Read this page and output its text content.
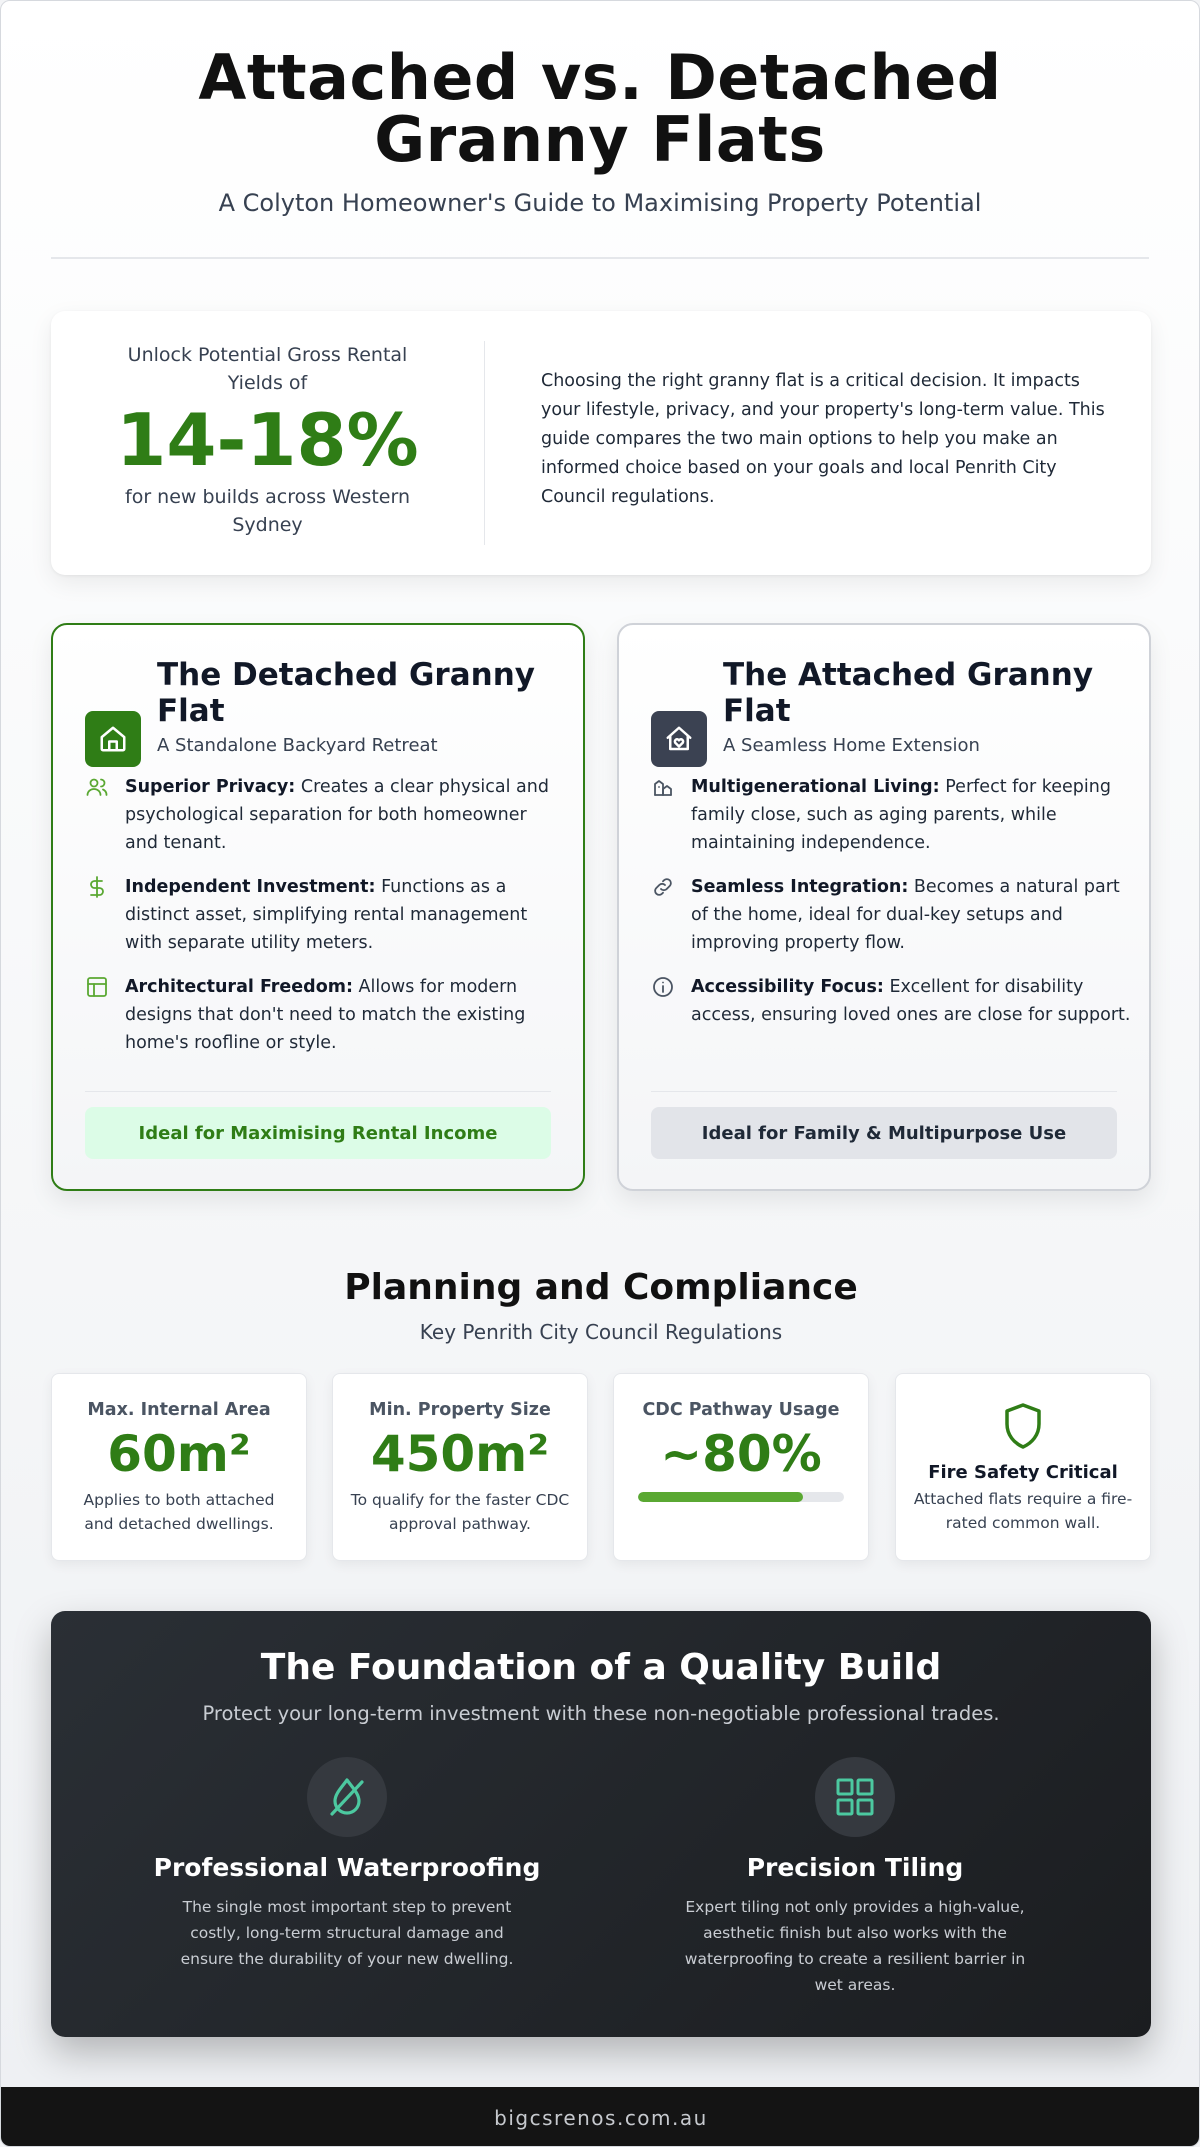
Attached vs. Detached Granny Flats

A Colyton Homeowner's Guide to Maximising Property Potential

Unlock Potential Gross Rental Yields of

14-18%

for new builds across Western Sydney

Choosing the right granny flat is a critical decision. It impacts your lifestyle, privacy, and your property's long-term value. This guide compares the two main options to help you make an informed choice based on your goals and local Penrith City Council regulations.

The Detached Granny Flat

A Standalone Backyard Retreat

Superior Privacy: Creates a clear physical and psychological separation for both homeowner and tenant.

Independent Investment: Functions as a distinct asset, simplifying rental management with separate utility meters.

Architectural Freedom: Allows for modern designs that don't need to match the existing home's roofline or style.

Ideal for Maximising Rental Income
The Attached Granny Flat

A Seamless Home Extension

Multigenerational Living: Perfect for keeping family close, such as aging parents, while maintaining independence.

Seamless Integration: Becomes a natural part of the home, ideal for dual-key setups and improving property flow.

Accessibility Focus: Excellent for disability access, ensuring loved ones are close for support.

Ideal for Family & Multipurpose Use
Planning and Compliance

Key Penrith City Council Regulations

Max. Internal Area

60m²

Applies to both attached and detached dwellings.

Min. Property Size

450m²

To qualify for the faster CDC approval pathway.

CDC Pathway Usage

~80%	Fire Safety Critical

Attached flats require a fire-rated common wall.

The Foundation of a Quality Build

Protect your long-term investment with these non-negotiable professional trades.

Professional Waterproofing

The single most important step to prevent costly, long-term structural damage and ensure the durability of your new dwelling.

Precision Tiling

Expert tiling not only provides a high-value, aesthetic finish but also works with the waterproofing to create a resilient barrier in wet areas.

bigcsrenos.com.au
